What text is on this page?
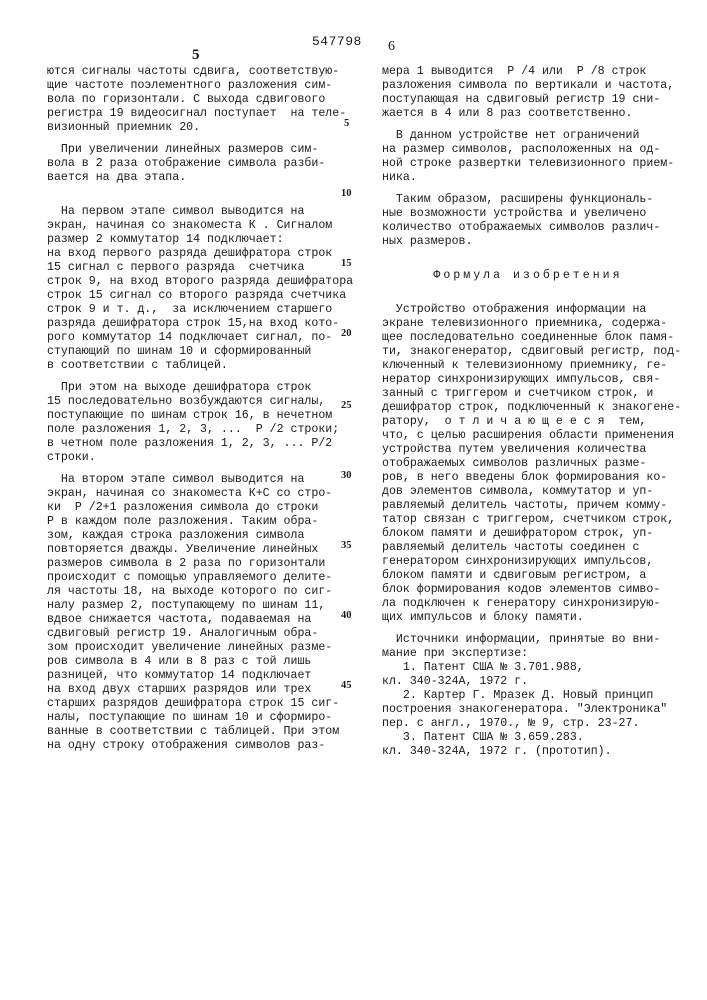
547798
5
6
ются сигналы частоты сдвига, соответствую-
щие частоте поэлементного разложения сим-
вола по горизонтали. С выхода сдвигового
регистра 19 видеосигнал поступает  на теле-
визионный приемник 20.
При увеличении линейных размеров сим-
вола в 2 раза отображение символа разби-
вается на два этапа.
На первом этапе символ выводится на
экран, начиная со знакоместа К . Сигналом
размер 2 коммутатор 14 подключает:
на вход первого разряда дешифратора строк
15 сигнал с первого разряда  счетчика
строк 9, на вход второго разряда дешифратора
строк 15 сигнал со второго разряда счетчика
строк 9 и т. д.,  за исключением старшего
разряда дешифратора строк 15,на вход кото-
рого коммутатор 14 подключает сигнал, по-
ступающий по шинам 10 и сформированный
в соответствии с таблицей.
При этом на выходе дешифратора строк
15 последовательно возбуждаются сигналы,
поступающие по шинам строк 16, в нечетном
поле разложения 1, 2, 3, ...  Р /2 строки;
в четном поле разложения 1, 2, 3, ... Р/2
строки.
На втором этапе символ выводится на
экран, начиная со знакоместа К+С со стро-
ки  Р /2+1 разложения символа до строки
Р в каждом поле разложения. Таким обра-
зом, каждая строка разложения символа
повторяется дважды. Увеличение линейных
размеров символа в 2 раза по горизонтали
происходит с помощью управляемого делите-
ля частоты 18, на выходе которого по сиг-
налу размер 2, поступающему по шинам 11,
вдвое снижается частота, подаваемая на
сдвиговый регистр 19. Аналогичным обра-
зом происходит увеличение линейных разме-
ров символа в 4 или в 8 раз с той лишь
разницей, что коммутатор 14 подключает
на вход двух старших разрядов или трех
старших разрядов дешифратора строк 15 сиг-
налы, поступающие по шинам 10 и сформиро-
ванные в соответствии с таблицей. При этом
на одну строку отображения символов раз-
мера 1 выводится  Р /4 или  Р /8 строк
разложения символа по вертикали и частота,
поступающая на сдвиговый регистр 19 сни-
жается в 4 или 8 раз соответственно.
В данном устройстве нет ограничений
на размер символов, расположенных на од-
ной строке развертки телевизионного прием-
ника.
Таким образом, расширены функциональ-
ные возможности устройства и увеличено
количество отображаемых символов различ-
ных размеров.
Формула изобретения
Устройство отображения информации на
экране телевизионного приемника, содержа-
щее последовательно соединенные блок памя-
ти, знакогенератор, сдвиговый регистр, под-
ключенный к телевизионному приемнику, ге-
нератор синхронизирующих импульсов, свя-
занный с триггером и счетчиком строк, и
дешифратор строк, подключенный к знакогене-
ратору,  о т л и ч а ю щ е е с я  тем,
что, с целью расширения области применения
устройства путем увеличения количества
отображаемых символов различных разме-
ров, в него введены блок формирования ко-
дов элементов символа, коммутатор и уп-
равляемый делитель частоты, причем комму-
татор связан с триггером, счетчиком строк,
блоком памяти и дешифратором строк, уп-
равляемый делитель частоты соединен с
генератором синхронизирующих импульсов,
блоком памяти и сдвиговым регистром, а
блок формирования кодов элементов симво-
ла подключен к генератору синхронизирую-
щих импульсов и блоку памяти.
Источники информации, принятые во вни-
мание при экспертизе:
1. Патент США № 3.701.988,
кл. 340-324А, 1972 г.
2. Картер Г. Мразек Д. Новый принцип
построения знакогенератора. "Электроника"
пер. с англ., 1970., № 9, стр. 23-27.
3. Патент США № 3.659.283.
кл. 340-324А, 1972 г. (прототип).
5
10
15
20
25
30
35
40
45
